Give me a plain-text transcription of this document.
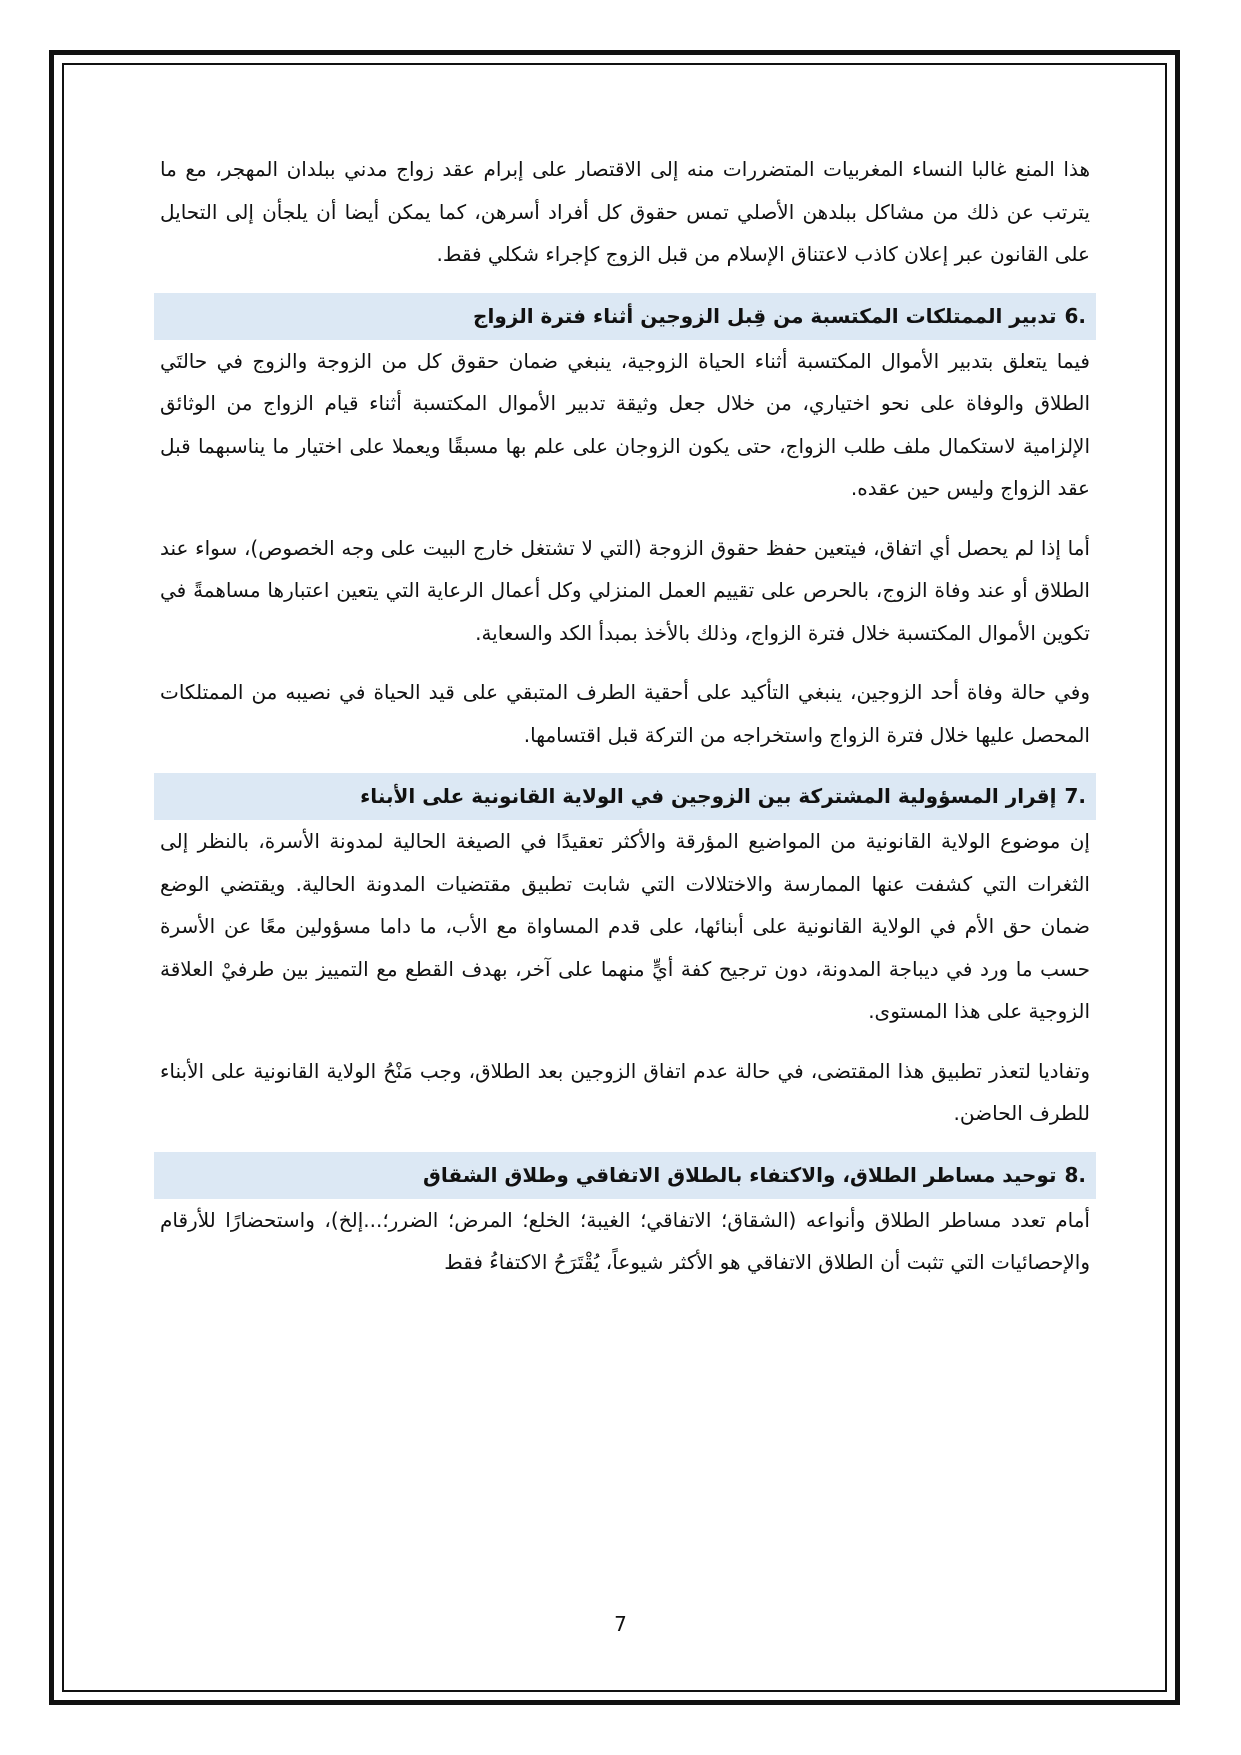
هذا المنع غالبا النساء المغربيات المتضررات منه إلى الاقتصار على إبرام عقد زواج مدني ببلدان المهجر، مع ما يترتب عن ذلك من مشاكل ببلدهن الأصلي تمس حقوق كل أفراد أسرهن، كما يمكن أيضا أن يلجأن إلى التحايل على القانون عبر إعلان كاذب لاعتناق الإسلام من قبل الزوج كإجراء شكلي فقط.

6.
تدبير الممتلكات المكتسبة من قِبل الزوجين أثناء فترة الزواج

فيما يتعلق بتدبير الأموال المكتسبة أثناء الحياة الزوجية، ينبغي ضمان حقوق كل من الزوجة والزوج في حالتَي الطلاق والوفاة على نحو اختياري، من خلال جعل وثيقة تدبير الأموال المكتسبة أثناء قيام الزواج من الوثائق الإلزامية لاستكمال ملف طلب الزواج، حتى يكون الزوجان على علم بها مسبقًا ويعملا على اختيار ما يناسبهما قبل عقد الزواج وليس حين عقده.

أما إذا لم يحصل أي اتفاق، فيتعين حفظ حقوق الزوجة (التي لا تشتغل خارج البيت على وجه الخصوص)، سواء عند الطلاق أو عند وفاة الزوج، بالحرص على تقييم العمل المنزلي وكل أعمال الرعاية التي يتعين اعتبارها مساهمةً في تكوين الأموال المكتسبة خلال فترة الزواج، وذلك بالأخذ بمبدأ الكد والسعاية.

وفي حالة وفاة أحد الزوجين، ينبغي التأكيد على أحقية الطرف المتبقي على قيد الحياة في نصيبه من الممتلكات المحصل عليها خلال فترة الزواج واستخراجه من التركة قبل اقتسامها.

7.
إقرار المسؤولية المشتركة بين الزوجين في الولاية القانونية على الأبناء

إن موضوع الولاية القانونية من المواضيع المؤرقة والأكثر تعقيدًا في الصيغة الحالية لمدونة الأسرة، بالنظر إلى الثغرات التي كشفت عنها الممارسة والاختلالات التي شابت تطبيق مقتضيات المدونة الحالية. ويقتضي الوضع ضمان حق الأم في الولاية القانونية على أبنائها، على قدم المساواة مع الأب، ما داما مسؤولين معًا عن الأسرة حسب ما ورد في ديباجة المدونة، دون ترجيح كفة أيٍّ منهما على آخر، بهدف القطع مع التمييز بين طرفيْ العلاقة الزوجية على هذا المستوى.

وتفاديا لتعذر تطبيق هذا المقتضى، في حالة عدم اتفاق الزوجين بعد الطلاق، وجب مَنْحُ الولاية القانونية على الأبناء للطرف الحاضن.

8.
توحيد مساطر الطلاق، والاكتفاء بالطلاق الاتفاقي وطلاق الشقاق

أمام تعدد مساطر الطلاق وأنواعه (الشقاق؛ الاتفاقي؛ الغيبة؛ الخلع؛ المرض؛ الضرر؛...إلخ)، واستحضارًا للأرقام والإحصائيات التي تثبت أن الطلاق الاتفاقي هو الأكثر شيوعاً، يُقْتَرَحُ الاكتفاءُ فقط

7
